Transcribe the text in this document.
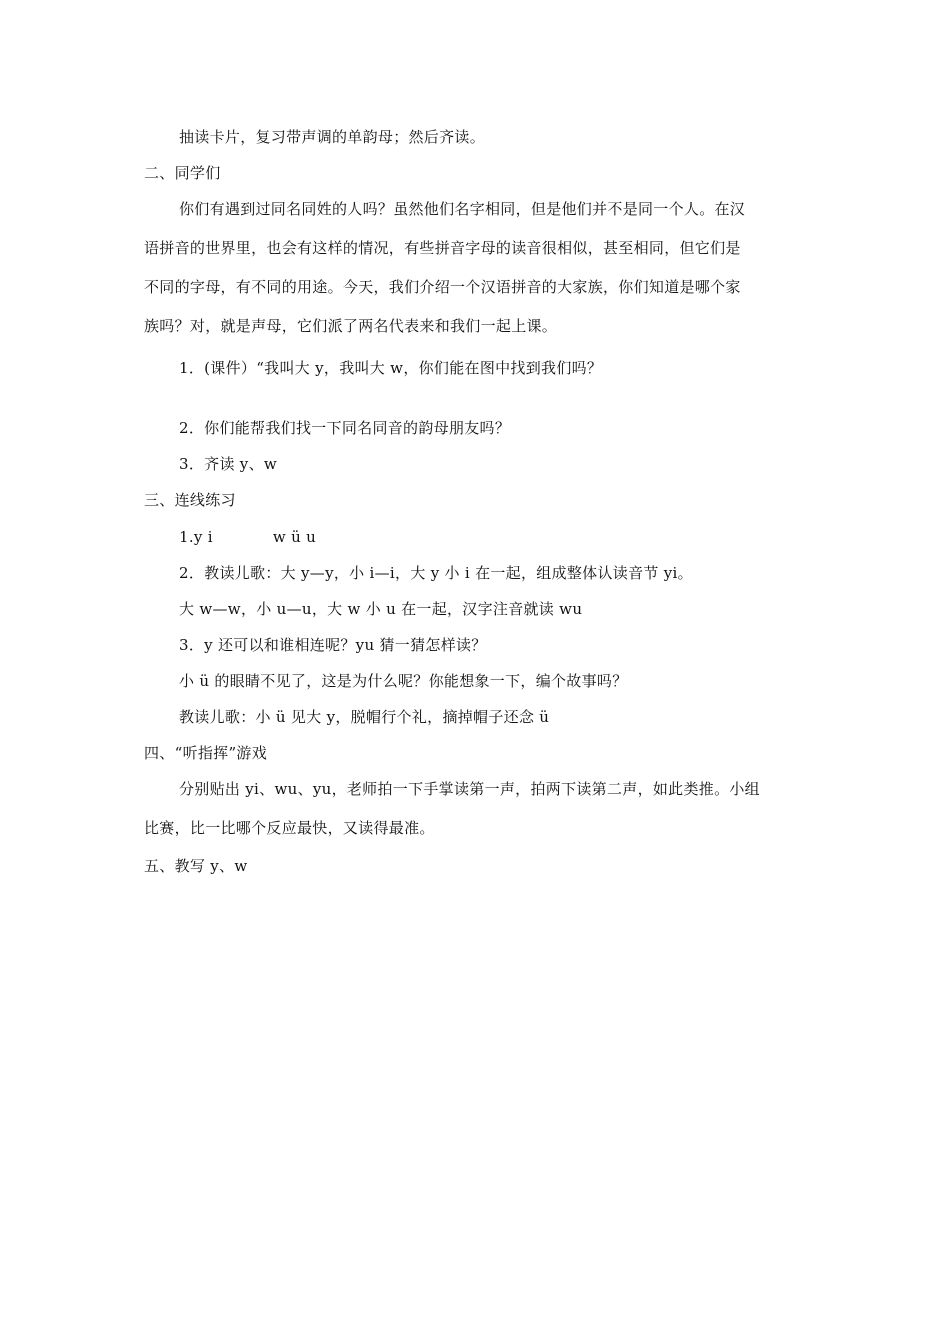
抽读卡片，复习带声调的单韵母；然后齐读。
二、同学们
你们有遇到过同名同姓的人吗？虽然他们名字相同，但是他们并不是同一个人。在汉
语拼音的世界里，也会有这样的情况，有些拼音字母的读音很相似，甚至相同，但它们是
不同的字母，有不同的用途。今天，我们介绍一个汉语拼音的大家族，你们知道是哪个家
族吗？对，就是声母，它们派了两名代表来和我们一起上课。
1．(课件）“我叫大 y，我叫大 w，你们能在图中找到我们吗？
2．你们能帮我们找一下同名同音的韵母朋友吗？
3．齐读 y、w
三、连线练习
1.y i	w ü u
2．教读儿歌：大 y—y，小 i—i，大 y 小 i 在一起，组成整体认读音节 yi。
大 w—w，小 u—u，大 w 小 u 在一起，汉字注音就读 wu
3．y 还可以和谁相连呢？yu 猜一猜怎样读？
小 ü 的眼睛不见了，这是为什么呢？你能想象一下，编个故事吗？
教读儿歌：小 ü 见大 y，脱帽行个礼，摘掉帽子还念 ü
四、“听指挥”游戏
分别贴出 yi、wu、yu，老师拍一下手掌读第一声，拍两下读第二声，如此类推。小组
比赛，比一比哪个反应最快，又读得最准。
五、教写 y、w
